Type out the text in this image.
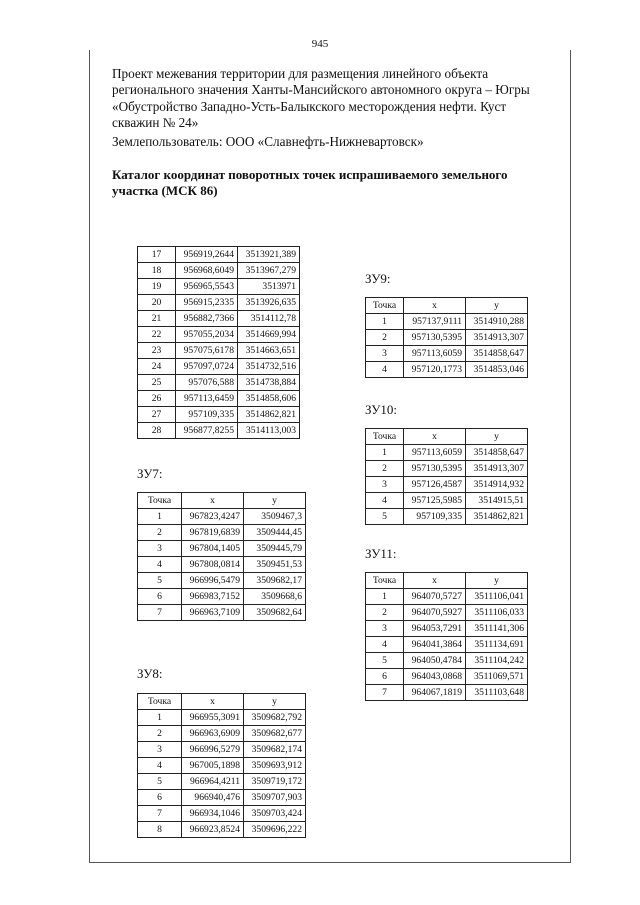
945

Проект межевания территории для размещения линейного объекта

регионального значения Ханты-Мансийского автономного округа – Югры

«Обустройство Западно-Усть-Балыкского месторождения нефти. Куст

скважин № 24»

Землепользователь: ООО «Славнефть-Нижневартовск»

Каталог координат поворотных точек испрашиваемого земельного
участка (МСК 86)
17	956919,2644	3513921,389
18	956968,6049	3513967,279
19	956965,5543	3513971
20	956915,2335	3513926,635
21	956882,7366	3514112,78
22	957055,2034	3514669,994
23	957075,6178	3514663,651
24	957097,0724	3514732,516
25	957076,588	3514738,884
26	957113,6459	3514858,606
27	957109,335	3514862,821
28	956877,8255	3514113,003
ЗУ7:
Точка	x	y
1	967823,4247	3509467,3
2	967819,6839	3509444,45
3	967804,1405	3509445,79
4	967808,0814	3509451,53
5	966996,5479	3509682,17
6	966983,7152	3509668,6
7	966963,7109	3509682,64
ЗУ8:
Точка	x	y
1	966955,3091	3509682,792
2	966963,6909	3509682,677
3	966996,5279	3509682,174
4	967005,1898	3509693,912
5	966964,4211	3509719,172
6	966940,476	3509707,903
7	966934,1046	3509703,424
8	966923,8524	3509696,222
ЗУ9:
Точка	x	y
1	957137,9111	3514910,288
2	957130,5395	3514913,307
3	957113,6059	3514858,647
4	957120,1773	3514853,046
ЗУ10:
Точка	x	y
1	957113,6059	3514858,647
2	957130,5395	3514913,307
3	957126,4587	3514914,932
4	957125,5985	3514915,51
5	957109,335	3514862,821
ЗУ11:
Точка	x	y
1	964070,5727	3511106,041
2	964070,5927	3511106,033
3	964053,7291	3511141,306
4	964041,3864	3511134,691
5	964050,4784	3511104,242
6	964043,0868	3511069,571
7	964067,1819	3511103,648
